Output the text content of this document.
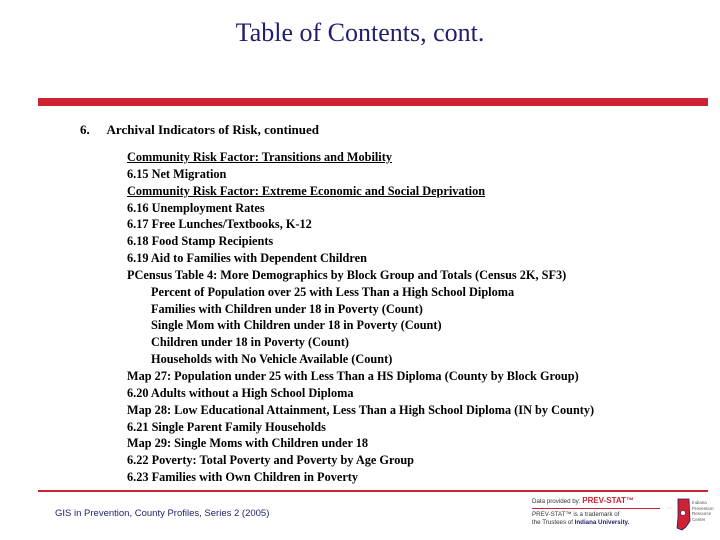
Table of Contents, cont.
6. Archival Indicators of Risk, continued
Community Risk Factor: Transitions and Mobility
6.15 Net Migration
Community Risk Factor: Extreme Economic and Social Deprivation
6.16 Unemployment Rates
6.17 Free Lunches/Textbooks, K-12
6.18 Food Stamp Recipients
6.19 Aid to Families with Dependent Children
PCensus Table 4: More Demographics by Block Group and Totals (Census 2K, SF3)
Percent of Population over 25 with Less Than a High School Diploma
Families with Children under 18 in Poverty (Count)
Single Mom with Children under 18 in Poverty (Count)
Children under 18 in Poverty (Count)
Households with No Vehicle Available (Count)
Map 27: Population under 25 with Less Than a HS Diploma (County by Block Group)
6.20 Adults without a High School Diploma
Map 28: Low Educational Attainment, Less Than a High School Diploma (IN by County)
6.21 Single Parent Family Households
Map 29: Single Moms with Children under 18
6.22 Poverty: Total Poverty and Poverty by Age Group
6.23 Families with Own Children in Poverty
GIS in Prevention, County Profiles, Series 2 (2005)
Data provided by: PREV-STAT™
PREV-STAT™ is a trademark of
the Trustees of Indiana University.
Indiana
Prevention
Resource
Center
